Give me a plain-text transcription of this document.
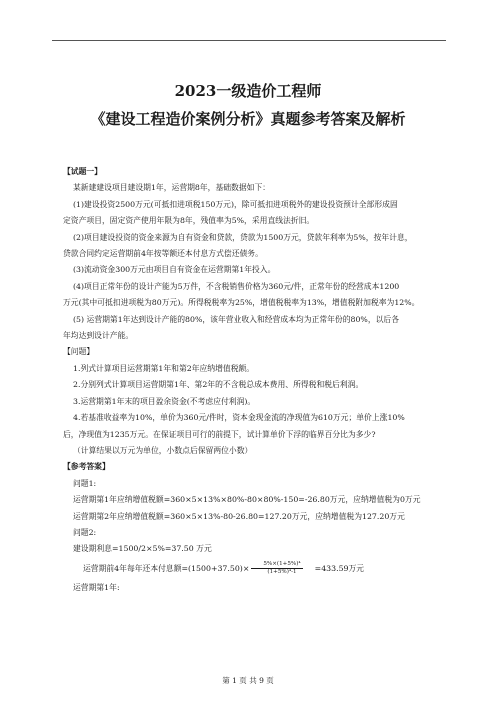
2023一级造价工程师
《建设工程造价案例分析》真题参考答案及解析

【试题一】

某新建建设项目建设期1年，运营期8年，基础数据如下：

(1)建设投资2500万元(可抵扣进项税150万元)，除可抵扣进项税外的建设投资预计全部形成固

定资产项目，固定资产使用年限为8年，残值率为5%，采用直线法折旧。

(2)项目建设投资的资金来源为自有资金和贷款，贷款为1500万元，贷款年利率为5%，按年计息，

贷款合同约定运营期前4年按等额还本付息方式偿还债务。

(3)流动资金300万元由项目自有资金在运营期第1年投入。

(4)项目正常年份的设计产能为5万件，不含税销售价格为360元/件，正常年份的经营成本1200

万元(其中可抵扣进项税为80万元)。所得税税率为25%，增值税税率为13%，增值税附加税率为12%。

(5) 运营期第1年达到设计产能的80%，该年营业收入和经营成本均为正常年份的80%，以后各

年均达到设计产能。

【问题】

1.列式计算项目运营期第1年和第2年应纳增值税额。

2.分别列式计算项目运营期第1年、第2年的不含税总成本费用、所得税和税后利润。

3.运营期第1年末的项目盈余资金(不考虑应付利润)。

4.若基准收益率为10%，单价为360元/件时，资本金现金流的净现值为610万元；单价上涨10%

后，净现值为1235万元。在保证项目可行的前提下，试计算单价下浮的临界百分比为多少?

（计算结果以万元为单位，小数点后保留两位小数）

【参考答案】

问题1:

运营期第1年应纳增值税额=360×5×13%×80%-80×80%-150=-26.80万元，应纳增值税为0万元

运营期第2年应纳增值税额=360×5×13%-80-26.80=127.20万元，应纳增值税为127.20万元

问题2:

建设期利息=1500/2×5%=37.50 万元

运营期前4年每年还本付息额$=(1500+37.50)\times \frac{\text{5\%×(1+5\%)⁴}}{\text{(1+5\%)⁴-1}}$	=433.59万元

运营期第1年:

第 1 页 共 9 页
